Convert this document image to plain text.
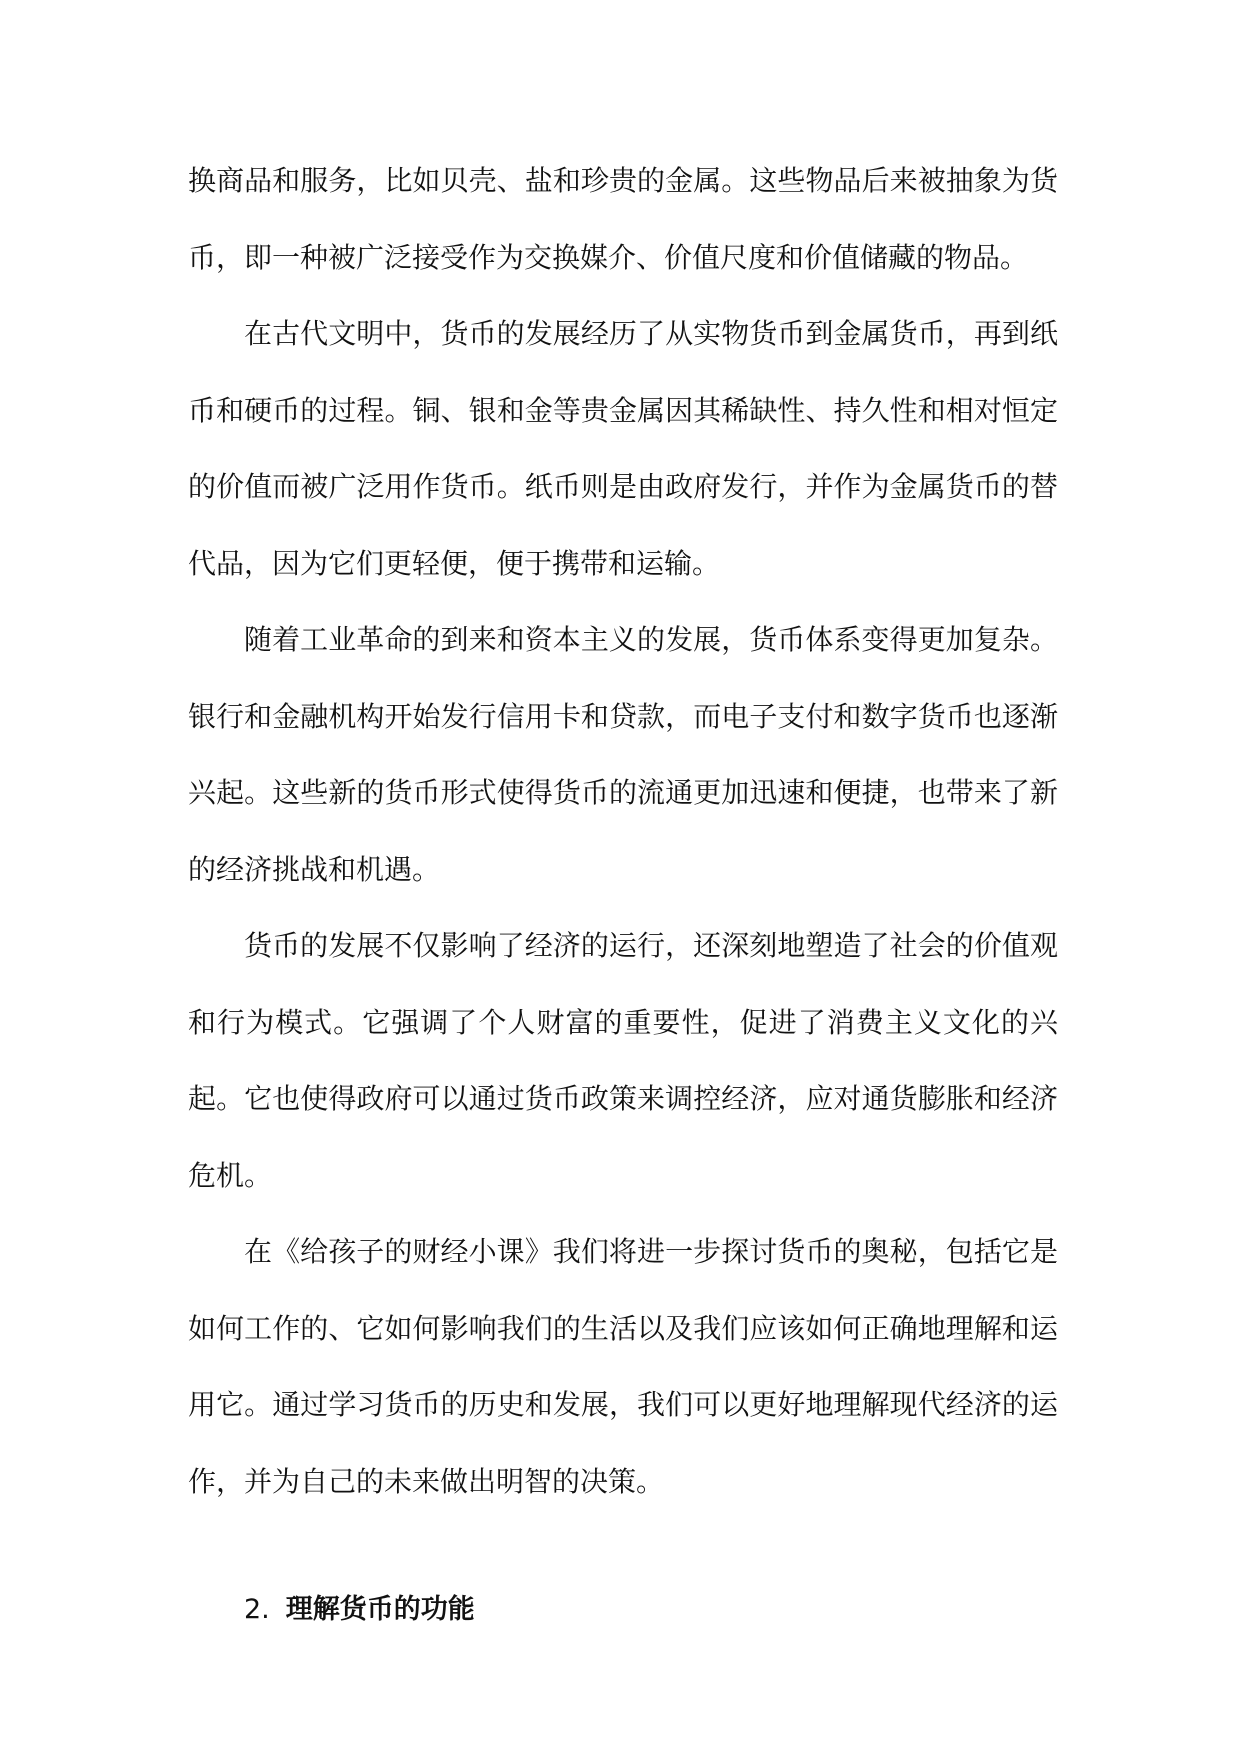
换商品和服务，比如贝壳、盐和珍贵的金属。这些物品后来被抽象为货币，即一种被广泛接受作为交换媒介、价值尺度和价值储藏的物品。

在古代文明中，货币的发展经历了从实物货币到金属货币，再到纸币和硬币的过程。铜、银和金等贵金属因其稀缺性、持久性和相对恒定的价值而被广泛用作货币。纸币则是由政府发行，并作为金属货币的替代品，因为它们更轻便，便于携带和运输。

随着工业革命的到来和资本主义的发展，货币体系变得更加复杂。银行和金融机构开始发行信用卡和贷款，而电子支付和数字货币也逐渐兴起。这些新的货币形式使得货币的流通更加迅速和便捷，也带来了新的经济挑战和机遇。

货币的发展不仅影响了经济的运行，还深刻地塑造了社会的价值观和行为模式。它强调了个人财富的重要性，促进了消费主义文化的兴起。它也使得政府可以通过货币政策来调控经济，应对通货膨胀和经济危机。

在《给孩子的财经小课》我们将进一步探讨货币的奥秘，包括它是如何工作的、它如何影响我们的生活以及我们应该如何正确地理解和运用它。通过学习货币的历史和发展，我们可以更好地理解现代经济的运作，并为自己的未来做出明智的决策。

2. 理解货币的功能
